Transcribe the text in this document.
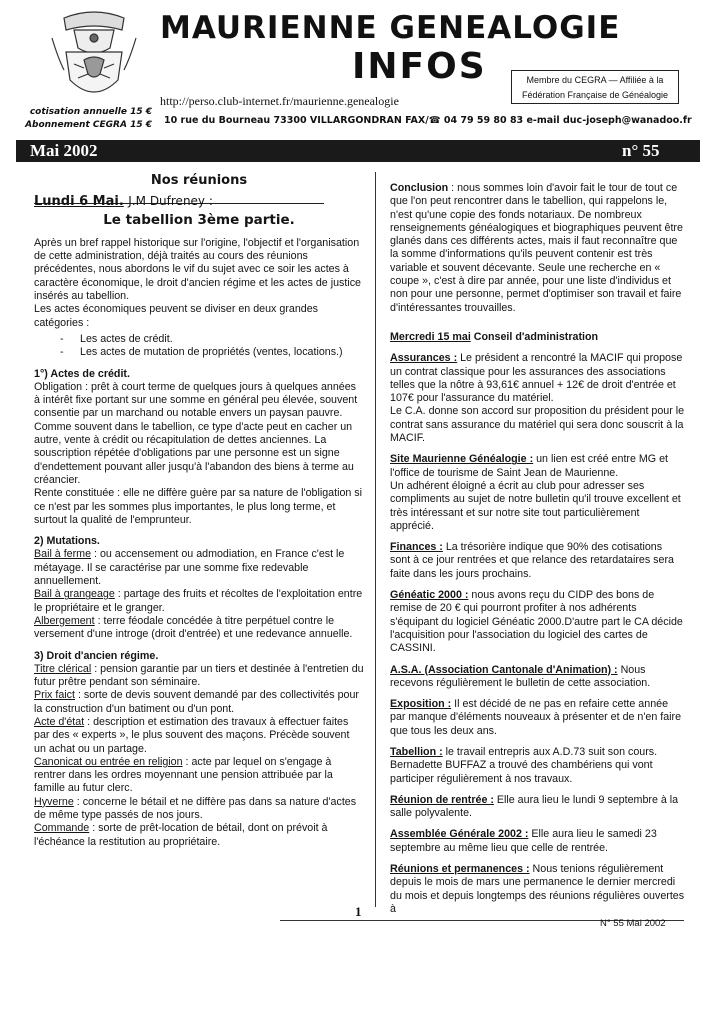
MAURIENNE GENEALOGIE
INFOS	Membre du CEGRA — Affiliée à la
Fédération Française de Généalogie
http://perso.club-internet.fr/maurienne.genealogie
cotisation annuelle 15 €
Abonnement CEGRA 15 € 10 rue du Bourneau 73300 VILLARGONDRAN FAX/☎ 04 79 59 80 83 e-mail duc-joseph@wanadoo.fr
Mai 2002	n° 55
Nos réunions
Lundi 6 Mai. J.M Dufreney :
Le tabellion 3ème partie.

Après un bref rappel historique sur l'origine, l'objectif et l'organisation de cette administration, déjà traités au cours des réunions précédentes, nous abordons le vif du sujet avec ce soir les actes à caractère économique, le droit d'ancien régime et les actes de justice insérés au tabellion.

Les actes économiques peuvent se diviser en deux grandes catégories :

- Les actes de crédit.
- Les actes de mutation de propriétés (ventes, locations.)

1°) Actes de crédit.

Obligation : prêt à court terme de quelques jours à quelques années à intérêt fixe portant sur une somme en général peu élevée, souvent consentie par un marchand ou notable envers un paysan pauvre.

Comme souvent dans le tabellion, ce type d'acte peut en cacher un autre, vente à crédit ou récapitulation de dettes anciennes. La souscription répétée d'obligations par une personne est un signe d'endettement pouvant aller jusqu'à l'abandon des biens à terme au créancier.

Rente constituée : elle ne diffère guère par sa nature de l'obligation si ce n'est par les sommes plus importantes, le plus long terme, et surtout la qualité de l'emprunteur.

2) Mutations.

Bail à ferme : ou accensement ou admodiation, en France c'est le métayage. Il se caractérise par une somme fixe redevable annuellement.

Bail à grangeage : partage des fruits et récoltes de l'exploitation entre le propriétaire et le granger.

Albergement : terre féodale concédée à titre perpétuel contre le versement d'une introge (droit d'entrée) et une redevance annuelle.

3) Droit d'ancien régime.

Titre clérical : pension garantie par un tiers et destinée à l'entretien du futur prêtre pendant son séminaire.

Prix faict : sorte de devis souvent demandé par des collectivités pour la construction d'un batiment ou d'un pont.

Acte d'état : description et estimation des travaux à effectuer faites par des « experts », le plus souvent des maçons. Précède souvent un achat ou un partage.

Canonicat ou entrée en religion : acte par lequel on s'engage à rentrer dans les ordres moyennant une pension attribuée par la famille au futur clerc.

Hyverne : concerne le bétail et ne diffère pas dans sa nature d'actes de même type passés de nos jours.

Commande : sorte de prêt-location de bétail, dont on prévoit à l'échéance la restitution au propriétaire.

Conclusion : nous sommes loin d'avoir fait le tour de tout ce que l'on peut rencontrer dans le tabellion, qui rappelons le, n'est qu'une copie des fonds notariaux. De nombreux renseignements généalogiques et biographiques peuvent être glanés dans ces différents actes, mais il faut reconnaître que la somme d'informations qu'ils peuvent contenir est très variable et souvent décevante. Seule une recherche en « coupe », c'est à dire par année, pour une liste d'individus et non pour une personne, permet d'optimiser son travail et faire d'intéressantes trouvailles.

Mercredi 15 mai Conseil d'administration

Assurances : Le président a rencontré la MACIF qui propose un contrat classique pour les assurances des associations telles que la nôtre à 93,61€ annuel + 12€ de droit d'entrée et 107€ pour l'assurance du matériel.

Le C.A. donne son accord sur proposition du président pour le contrat sans assurance du matériel qui sera donc souscrit à la MACIF.

Site Maurienne Généalogie : un lien est créé entre MG et l'office de tourisme de Saint Jean de Maurienne.

Un adhérent éloigné a écrit au club pour adresser ses compliments au sujet de notre bulletin qu'il trouve excellent et très intéressant et sur notre site tout particulièrement apprécié.

Finances : La trésorière indique que 90% des cotisations sont à ce jour rentrées et que relance des retardataires sera faite dans les jours prochains.

Généatic 2000 : nous avons reçu du CIDP des bons de remise de 20 € qui pourront profiter à nos adhérents s'équipant du logiciel Généatic 2000.D'autre part le CA décide l'acquisition pour l'association du logiciel des cartes de CASSINI.

A.S.A. (Association Cantonale d'Animation) : Nous recevons régulièrement le bulletin de cette association.

Exposition : Il est décidé de ne pas en refaire cette année par manque d'éléments nouveaux à présenter et de n'en faire que tous les deux ans.

Tabellion : le travail entrepris aux A.D.73 suit son cours. Bernadette BUFFAZ a trouvé des chambériens qui vont participer régulièrement à nos travaux.

Réunion de rentrée : Elle aura lieu le lundi 9 septembre à la salle polyvalente.

Assemblée Générale 2002 : Elle aura lieu le samedi 23 septembre au même lieu que celle de rentrée.

Réunions et permanences : Nous tenions régulièrement depuis le mois de mars une permanence le dernier mercredi du mois et depuis longtemps des réunions régulières ouvertes à

1
N° 55 Mai 2002
